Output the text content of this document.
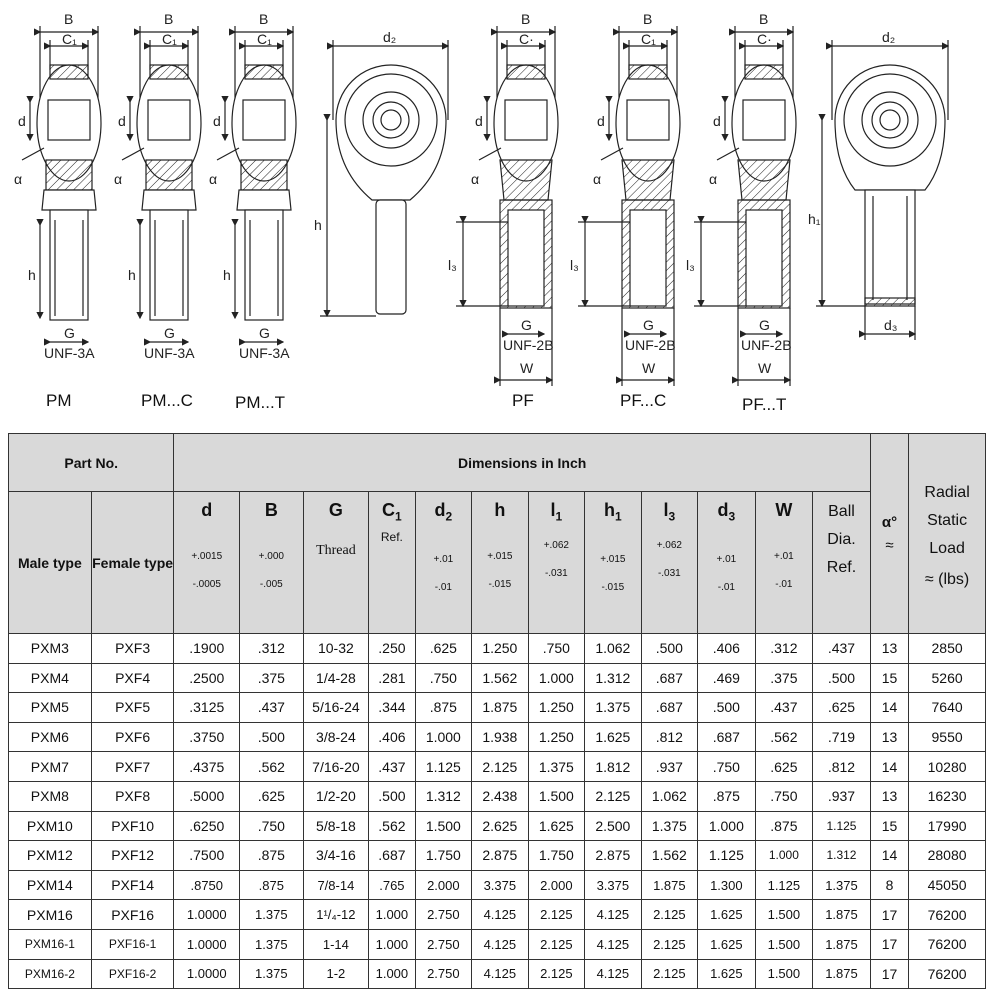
B
C₁
d
α
h
G
UNF-3A
B
C₁
d
α
h
G
UNF-3A
B
C₁
d
α
h
G
UNF-3A
d₂
h
B
C·
d
α
l₃
G
UNF-2B
W
B
C₁
d
α
l₃
G
UNF-2B
W
B
C·
d
α
l₃
G
UNF-2B
W
d₂
h₁
d₃
PM	PM...C PM...T	PF	PF...C	PF...T
Part No.		Dimensions in Inch												α°
≈	Radial Static Load
≈ (lbs)

Male type	Female type	d
+.0015
-.0005	B
+.000
-.005	G
Thread	$C_1$
Ref.	$d_2$
+.01
-.01	h
+.015
-.015	$l_1$
+.062
-.031	$h_1$
+.015
-.015	$l_3$
+.062
-.031	$d_3$
+.01
-.01	W
+.01
-.01	Ball Dia. Ref.		

PXM3	PXF3	.1900	.312	10-32	.250	.625	1.250	.750	1.062	.500	.406	.312	.437	13	2850
PXM4	PXF4	.2500	.375	1/4-28	.281	.750	1.562	1.000	1.312	.687	.469	.375	.500	15	5260
PXM5	PXF5	.3125	.437	5/16-24	.344	.875	1.875	1.250	1.375	.687	.500	.437	.625	14	7640
PXM6	PXF6	.3750	.500	3/8-24	.406	1.000	1.938	1.250	1.625	.812	.687	.562	.719	13	9550
PXM7	PXF7	.4375	.562	7/16-20	.437	1.125	2.125	1.375	1.812	.937	.750	.625	.812	14	10280
PXM8	PXF8	.5000	.625	1/2-20	.500	1.312	2.438	1.500	2.125	1.062	.875	.750	.937	13	16230
PXM10	PXF10	.6250	.750	5/8-18	.562	1.500	2.625	1.625	2.500	1.375	1.000	.875	1.125	15	17990
PXM12	PXF12	.7500	.875	3/4-16	.687	1.750	2.875	1.750	2.875	1.562	1.125	1.000	1.312	14	28080
PXM14	PXF14	.8750	.875	7/8-14	.765	2.000	3.375	2.000	3.375	1.875	1.300	1.125	1.375	8	45050
PXM16	PXF16	1.0000	1.375	1¹/₄-12	1.000	2.750	4.125	2.125	4.125	2.125	1.625	1.500	1.875	17	76200
PXM16-1	PXF16-1	1.0000	1.375	1-14	1.000	2.750	4.125	2.125	4.125	2.125	1.625	1.500	1.875	17	76200
PXM16-2	PXF16-2	1.0000	1.375	1-2	1.000	2.750	4.125	2.125	4.125	2.125	1.625	1.500	1.875	17	76200
